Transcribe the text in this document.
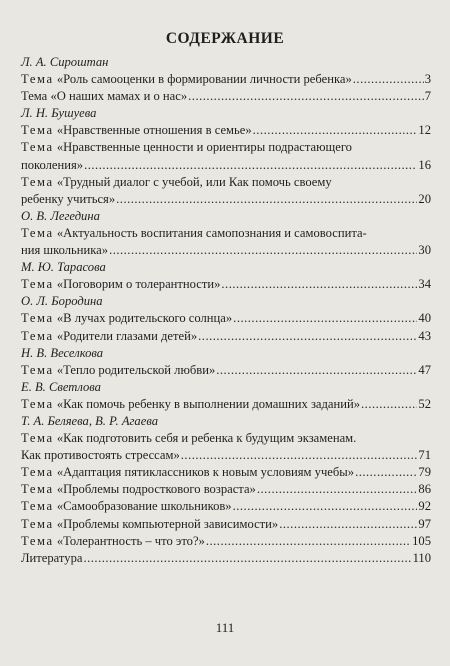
СОДЕРЖАНИЕ
Л. А. Сироштан
Тема «Роль самооценки в формировании личности ребенка» .....	3
Тема «О наших мамах и о нас» .....	7
Л. Н. Бушуева
Тема «Нравственные отношения в семье» .....	12
Тема «Нравственные ценности и ориентиры подрастающего
поколения» .....	16
Тема «Трудный диалог с учебой, или Как помочь своему
ребенку учиться» .....	20
О. В. Легедина
Тема «Актуальность воспитания самопознания и самовоспита-
ния школьника» .....	30
М. Ю. Тарасова
Тема «Поговорим о толерантности» .....	34
О. Л. Бородина
Тема «В лучах родительского солнца» .....	40
Тема «Родители глазами детей» .....	43
Н. В. Веселкова
Тема «Тепло родительской любви» .....	47
Е. В. Светлова
Тема «Как помочь ребенку в выполнении домашних заданий» .....	52
Т. А. Беляева, В. Р. Агаева
Тема «Как подготовить себя и ребенка к будущим экзаменам.
Как противостоять стрессам» .....	71
Тема «Адаптация пятиклассников к новым условиям учебы» .....	79
Тема «Проблемы подросткового возраста» .....	86
Тема «Самообразование школьников» .....	92
Тема «Проблемы компьютерной зависимости» .....	97
Тема «Толерантность – что это?» .....	105
Литература .....	110
111
